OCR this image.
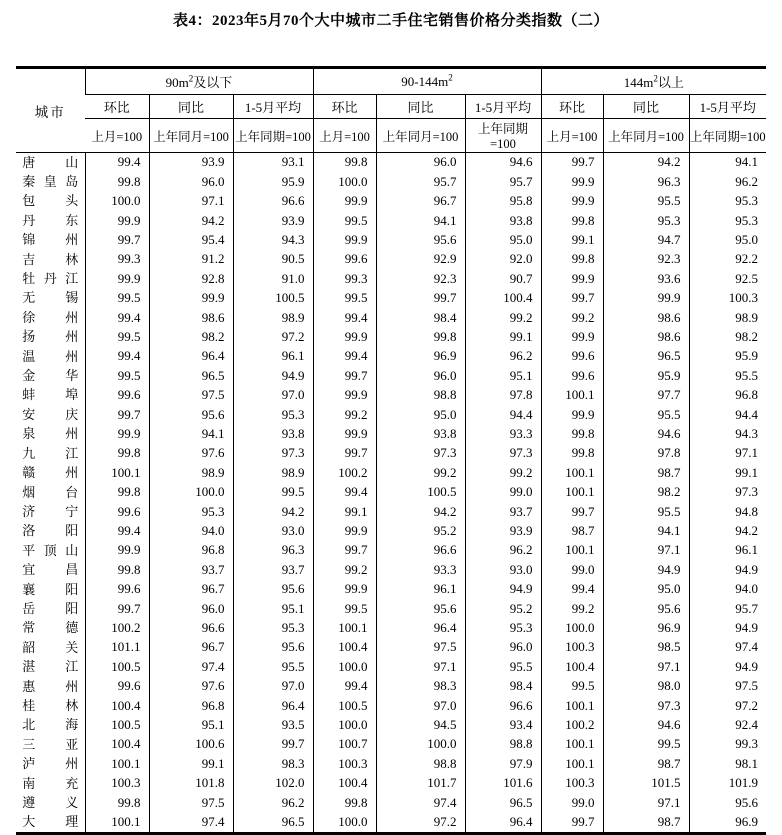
表4：2023年5月70个大中城市二手住宅销售价格分类指数（二）
城市	$90m^2$及以下			$90-144m^2$			$144m^2$以上		
	环比	同比	1-5月平均	环比	同比	1-5月平均	环比	同比	1-5月平均
	上月=100	上年同月=100	上年同期=100	上月=100	上年同月=100	上年同期=100	上月=100	上年同月=100	上年同期=100

唐 山	99.4	93.9	93.1	99.8	96.0	94.6	99.7	94.2	94.1

秦 皇 岛	99.8	96.0	95.9	100.0	95.7	95.7	99.9	96.3	96.2

包 头	100.0	97.1	96.6	99.9	96.7	95.8	99.9	95.5	95.3

丹 东	99.9	94.2	93.9	99.5	94.1	93.8	99.8	95.3	95.3

锦 州	99.7	95.4	94.3	99.9	95.6	95.0	99.1	94.7	95.0

吉 林	99.3	91.2	90.5	99.6	92.9	92.0	99.8	92.3	92.2

牡 丹 江	99.9	92.8	91.0	99.3	92.3	90.7	99.9	93.6	92.5

无 锡	99.5	99.9	100.5	99.5	99.7	100.4	99.7	99.9	100.3

徐 州	99.4	98.6	98.9	99.4	98.4	99.2	99.2	98.6	98.9

扬 州	99.5	98.2	97.2	99.9	99.8	99.1	99.9	98.6	98.2

温 州	99.4	96.4	96.1	99.4	96.9	96.2	99.6	96.5	95.9

金 华	99.5	96.5	94.9	99.7	96.0	95.1	99.6	95.9	95.5

蚌 埠	99.6	97.5	97.0	99.9	98.8	97.8	100.1	97.7	96.8

安 庆	99.7	95.6	95.3	99.2	95.0	94.4	99.9	95.5	94.4

泉 州	99.9	94.1	93.8	99.9	93.8	93.3	99.8	94.6	94.3

九 江	99.8	97.6	97.3	99.7	97.3	97.3	99.8	97.8	97.1

赣 州	100.1	98.9	98.9	100.2	99.2	99.2	100.1	98.7	99.1

烟 台	99.8	100.0	99.5	99.4	100.5	99.0	100.1	98.2	97.3

济 宁	99.6	95.3	94.2	99.1	94.2	93.7	99.7	95.5	94.8

洛 阳	99.4	94.0	93.0	99.9	95.2	93.9	98.7	94.1	94.2

平 顶 山	99.9	96.8	96.3	99.7	96.6	96.2	100.1	97.1	96.1

宜 昌	99.8	93.7	93.7	99.2	93.3	93.0	99.0	94.9	94.9

襄 阳	99.6	96.7	95.6	99.9	96.1	94.9	99.4	95.0	94.0

岳 阳	99.7	96.0	95.1	99.5	95.6	95.2	99.2	95.6	95.7

常 德	100.2	96.6	95.3	100.1	96.4	95.3	100.0	96.9	94.9

韶 关	101.1	96.7	95.6	100.4	97.5	96.0	100.3	98.5	97.4

湛 江	100.5	97.4	95.5	100.0	97.1	95.5	100.4	97.1	94.9

惠 州	99.6	97.6	97.0	99.4	98.3	98.4	99.5	98.0	97.5

桂 林	100.4	96.8	96.4	100.5	97.0	96.6	100.1	97.3	97.2

北 海	100.5	95.1	93.5	100.0	94.5	93.4	100.2	94.6	92.4

三 亚	100.4	100.6	99.7	100.7	100.0	98.8	100.1	99.5	99.3

泸 州	100.1	99.1	98.3	100.3	98.8	97.9	100.1	98.7	98.1

南 充	100.3	101.8	102.0	100.4	101.7	101.6	100.3	101.5	101.9

遵 义	99.8	97.5	96.2	99.8	97.4	96.5	99.0	97.1	95.6

大 理	100.1	97.4	96.5	100.0	97.2	96.4	99.7	98.7	96.9
